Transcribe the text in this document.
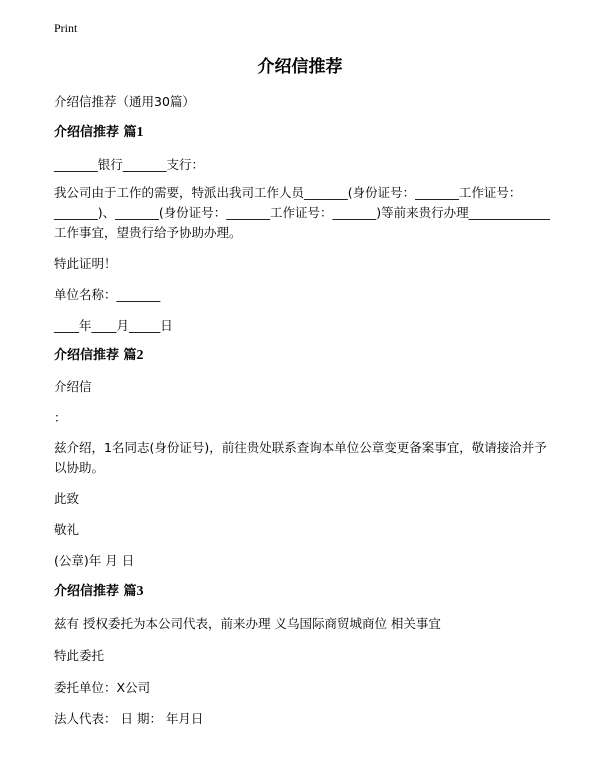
Print
介绍信推荐
介绍信推荐（通用30篇）
介绍信推荐 篇1
_______银行_______支行：
我公司由于工作的需要，特派出我司工作人员_______(身份证号：_______工作证号：_______)、_______(身份证号：_______工作证号：_______)等前来贵行办理_____________工作事宜，望贵行给予协助办理。
特此证明！
单位名称：_______
____年____月_____日
介绍信推荐 篇2
介绍信
：
兹介绍，1名同志(身份证号)，前往贵处联系查询本单位公章变更备案事宜，敬请接洽并予以协助。
此致
敬礼
(公章)年 月 日
介绍信推荐 篇3
兹有 授权委托为本公司代表，前来办理 义乌国际商贸城商位 相关事宜
特此委托
委托单位：X公司
法人代表： 日 期： 年月日
